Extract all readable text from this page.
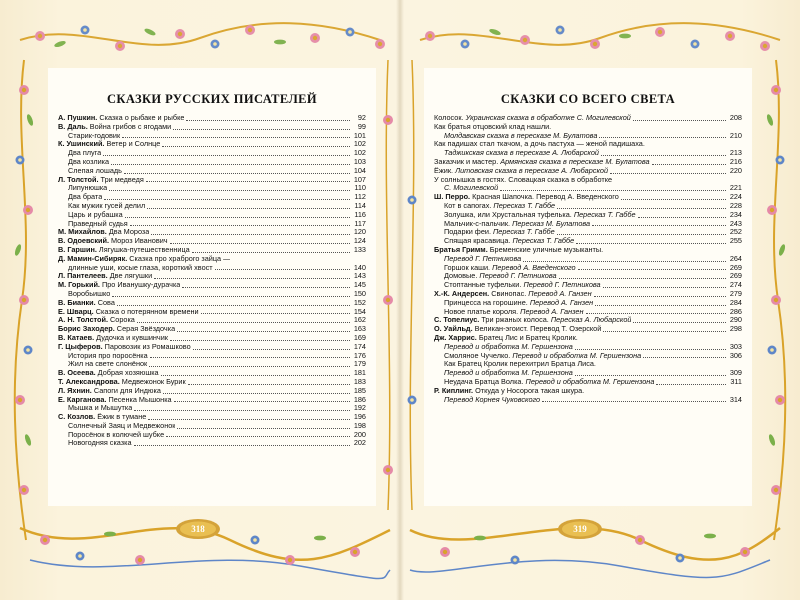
СКАЗКИ РУССКИХ ПИСАТЕЛЕЙ
А. Пушкин. Сказка о рыбаке и рыбке	92
В. Даль. Война грибов с ягодами	99
Старик-годовик	101
К. Ушинский. Ветер и Солнце	102
Два плуга	102
Два козлика	103
Слепая лошадь	104
Л. Толстой. Три медведя	107
Липунюшка	110
Два брата	112
Как мужик гусей делил	114
Царь и рубашка	116
Праведный судья	117
М. Михайлов. Два Мороза	120
В. Одоевский. Мороз Иванович	124
В. Гаршин. Лягушка-путешественница	133
Д. Мамин-Сибиряк. Сказка про храброго зайца —
длинные уши, косые глаза, короткий хвост	140
Л. Пантелеев. Две лягушки	143
М. Горький. Про Иванушку-дурачка	145
Воробьишко	150
В. Бианки. Сова	152
Е. Шварц. Сказка о потерянном времени	154
А. Н. Толстой. Сорока	162
Борис Заходер. Серая Звёздочка	163
В. Катаев. Дудочка и кувшинчик	169
Г. Цыферов. Паровозик из Ромашково	174
История про поросёнка	176
Жил на свете слонёнок	179
В. Осеева. Добрая хозяюшка	181
Т. Александрова. Медвежонок Бурик	183
Л. Яхнин. Сапоги для Индюка	185
Е. Карганова. Песенка Мышонка	186
Мышка и Мышутка	192
С. Козлов. Ёжик в тумане	196
Солнечный Заяц и Медвежонок	198
Поросёнок в колючей шубке	200
Новогодняя сказка	202
СКАЗКИ СО ВСЕГО СВЕТА
Колосок. Украинская сказка в обработке С. Могилевской	208
Как братья отцовский клад нашли.
Молдавская сказка в пересказе М. Булатова	210
Как падишах стал ткачом, а дочь пастуха — женой падишаха.
Таджикская сказка в пересказе А. Любарской	213
Заказчик и мастер. Армянская сказка в пересказе М. Булатова	216
Ёжик. Литовская сказка в пересказе А. Любарской	220
У солнышка в гостях. Словацкая сказка в обработке
С. Могилевской	221
Ш. Перро. Красная Шапочка. Перевод А. Введенского	224
Кот в сапогах. Пересказ Т. Габбе	228
Золушка, или Хрустальная туфелька. Пересказ Т. Габбе	234
Мальчик-с-пальчик. Пересказ М. Булатова	243
Подарки феи. Пересказ Т. Габбе	252
Спящая красавица. Пересказ Т. Габбе	255
Братья Гримм. Бременские уличные музыканты.
Перевод Г. Петникова	264
Горшок каши. Перевод А. Введенского	269
Домовые. Перевод Г. Петникова	269
Стоптанные туфельки. Перевод Г. Петникова	274
Х.-К. Андерсен. Свинопас. Перевод А. Ганзен	279
Принцесса на горошине. Перевод А. Ганзен	284
Новое платье короля. Перевод А. Ганзен	286
С. Топелиус. Три ржаных колоса. Пересказ А. Любарской	290
О. Уайльд. Великан-эгоист. Перевод Т. Озерской	298
Дж. Харрис. Братец Лис и Братец Кролик.
Перевод и обработка М. Гершензона	303
Смоляное Чучелко. Перевод и обработка М. Гершензона	306
Как Братец Кролик перехитрил Братца Лиса.
Перевод и обработка М. Гершензона	309
Неудача Братца Волка. Перевод и обработка М. Гершензона	311
Р. Киплинг. Откуда у Носорога такая шкура.
Перевод Корнея Чуковского	314
318	319
